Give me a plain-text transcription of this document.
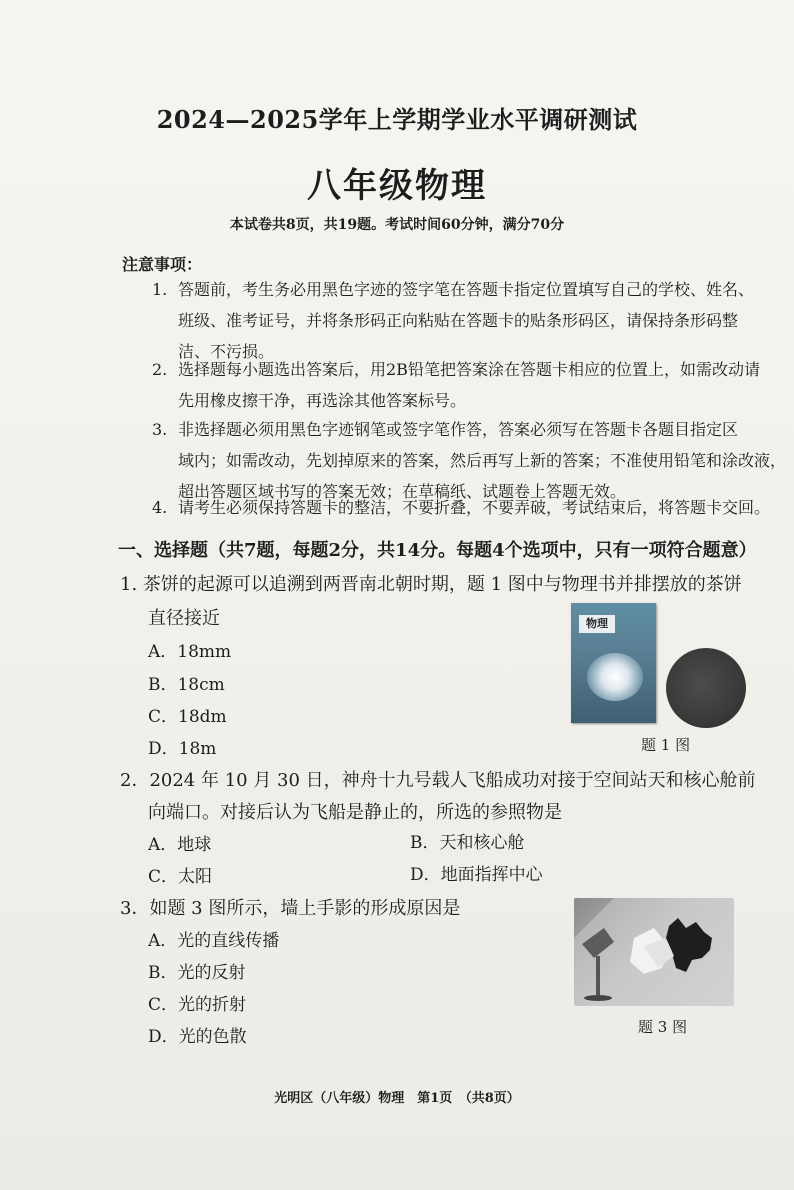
2024—2025学年上学期学业水平调研测试
八年级物理
本试卷共8页，共19题。考试时间60分钟，满分70分
注意事项：
1. 答题前，考生务必用黑色字迹的签字笔在答题卡指定位置填写自己的学校、姓名、
班级、准考证号，并将条形码正向粘贴在答题卡的贴条形码区，请保持条形码整
洁、不污损。
2. 选择题每小题选出答案后，用2B铅笔把答案涂在答题卡相应的位置上，如需改动请
先用橡皮擦干净，再选涂其他答案标号。
3. 非选择题必须用黑色字迹钢笔或签字笔作答，答案必须写在答题卡各题目指定区
域内；如需改动，先划掉原来的答案，然后再写上新的答案；不准使用铅笔和涂改液，
超出答题区域书写的答案无效；在草稿纸、试题卷上答题无效。
4. 请考生必须保持答题卡的整洁，不要折叠，不要弄破，考试结束后，将答题卡交回。
一、选择题（共7题，每题2分，共14分。每题4个选项中，只有一项符合题意）
1. 茶饼的起源可以追溯到两晋南北朝时期，题 1 图中与物理书并排摆放的茶饼
直径接近
A．18mm
B．18cm
C．18dm
D．18m
物理
题 1 图
2．2024 年 10 月 30 日，神舟十九号载人飞船成功对接于空间站天和核心舱前
向端口。对接后认为飞船是静止的，所选的参照物是
A．地球	B．天和核心舱
C．太阳	D．地面指挥中心
3．如题 3 图所示，墙上手影的形成原因是
A．光的直线传播
B．光的反射
C．光的折射
D．光的色散	题 3 图
光明区（八年级）物理　第1页　（共8页）
